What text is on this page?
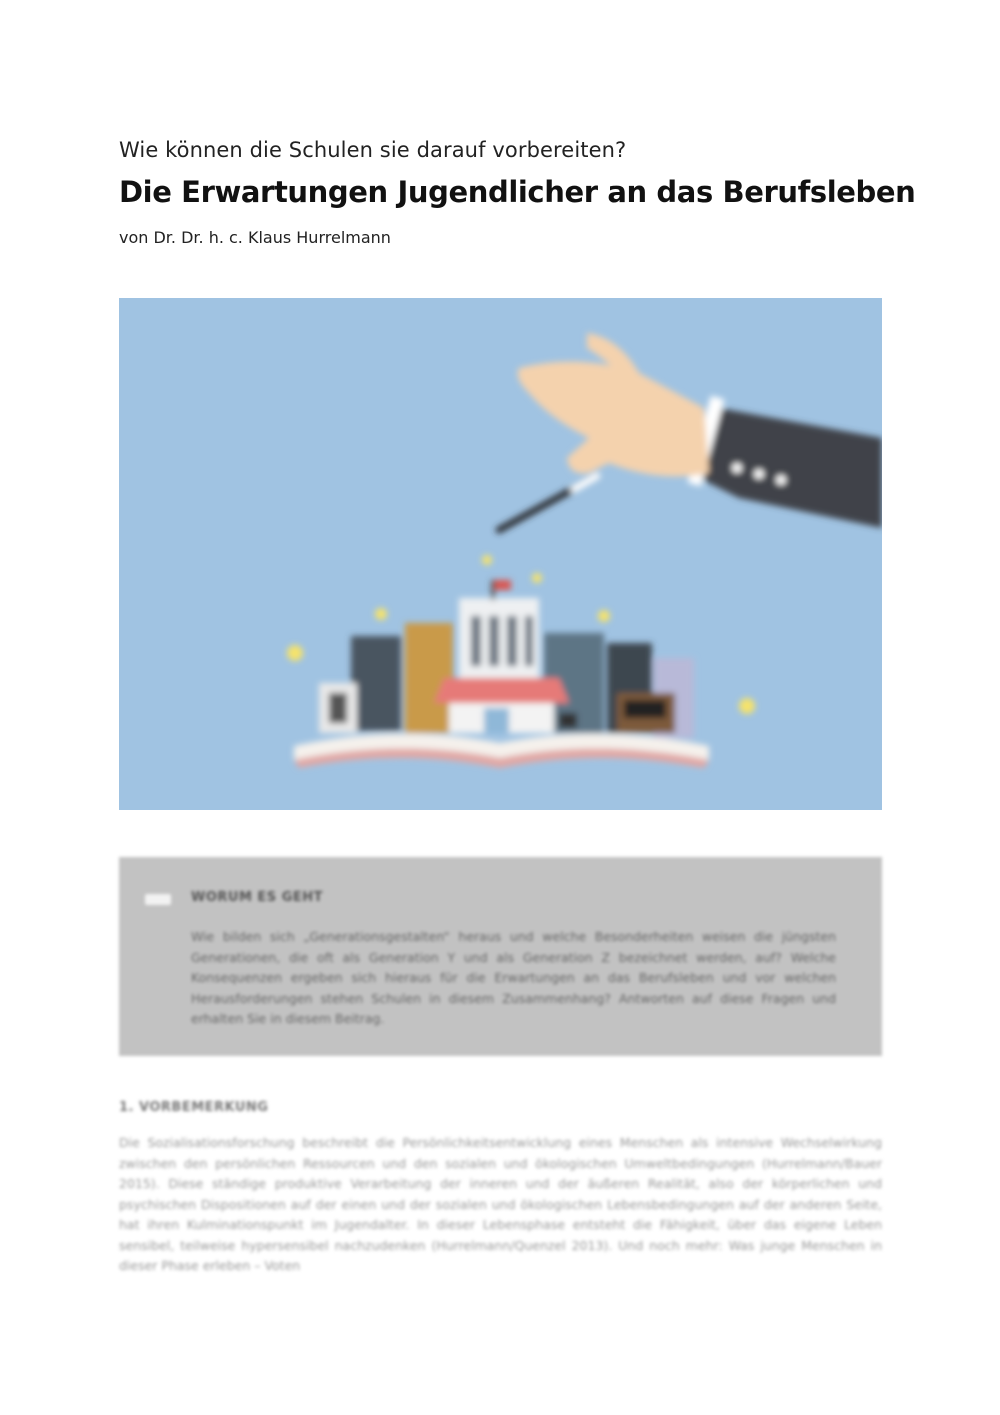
Wie können die Schulen sie darauf vorbereiten?
Die Erwartungen Jugendlicher an das Berufsleben
von Dr. Dr. h. c. Klaus Hurrelmann
WORUM ES GEHT
Wie bilden sich „Generationsgestalten“ heraus und welche Besonderheiten weisen die jüngsten Generationen, die oft als Generation Y und als Generation Z bezeichnet werden, auf? Welche Konsequenzen ergeben sich hieraus für die Erwartungen an das Berufsleben und vor welchen Herausforderungen stehen Schulen in diesem Zusammenhang? Antworten auf diese Fragen und erhalten Sie in diesem Beitrag.
1. VORBEMERKUNG
Die Sozialisationsforschung beschreibt die Persönlichkeitsentwicklung eines Menschen als intensive Wechselwirkung zwischen den persönlichen Ressourcen und den sozialen und ökologischen Umweltbedingungen (Hurrelmann/Bauer 2015). Diese ständige produktive Verarbeitung der inneren und der äußeren Realität, also der körperlichen und psychischen Dispositionen auf der einen und der sozialen und ökologischen Lebensbedingungen auf der anderen Seite, hat ihren Kulminationspunkt im Jugendalter. In dieser Lebensphase entsteht die Fähigkeit, über das eigene Leben sensibel, teilweise hypersensibel nachzudenken (Hurrelmann/Quenzel 2013). Und noch mehr: Was junge Menschen in dieser Phase erleben – Voten
